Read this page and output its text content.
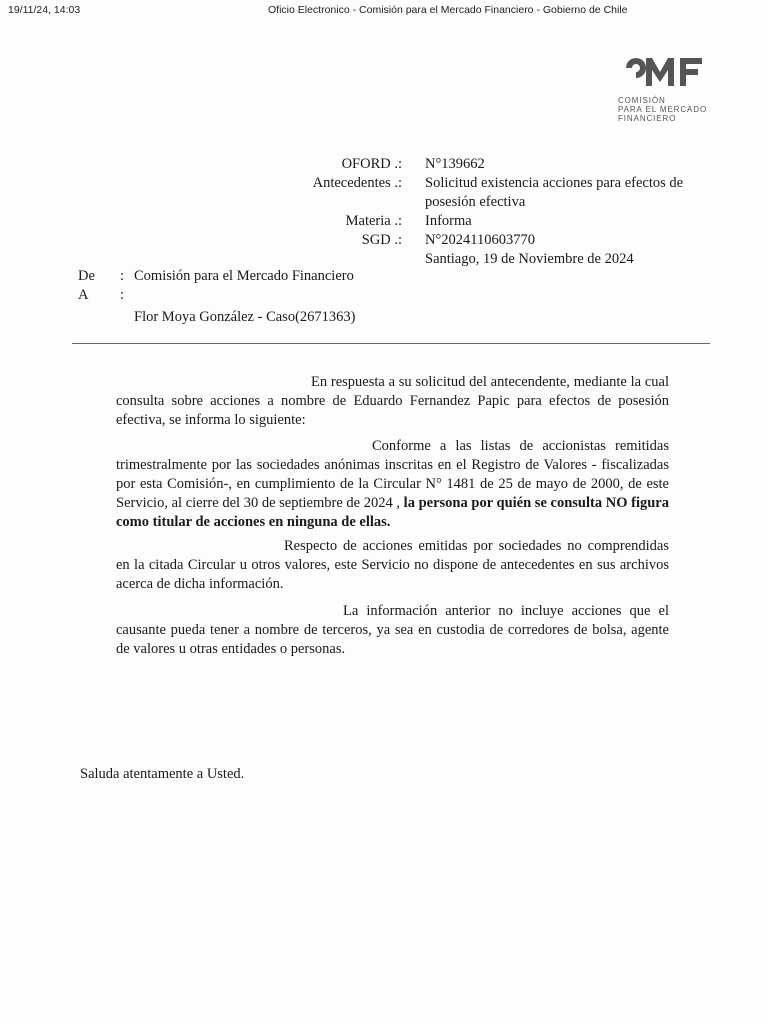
19/11/24, 14:03	Oficio Electronico - Comisión para el Mercado Financiero - Gobierno de Chile
COMISIÓN
PARA EL MERCADO
FINANCIERO
OFORD .:
Antecedentes .:

Materia .:
SGD .:
N°139662
Solicitud existencia acciones para efectos de posesión efectiva
Informa
N°2024110603770
Santiago, 19 de Noviembre de 2024
De : Comisión para el Mercado Financiero
A :
Flor Moya González - Caso(2671363)

En respuesta a su solicitud del antecendente, mediante la cual consulta sobre acciones a nombre de Eduardo Fernandez Papic para efectos de posesión efectiva, se informa lo siguiente:

Conforme a las listas de accionistas remitidas trimestralmente por las sociedades anónimas inscritas en el Registro de Valores - fiscalizadas por esta Comisión-, en cumplimiento de la Circular N° 1481 de 25 de mayo de 2000, de este Servicio, al cierre del 30 de septiembre de 2024 , la persona por quién se consulta NO figura como titular de acciones en ninguna de ellas.

Respecto de acciones emitidas por sociedades no comprendidas en la citada Circular u otros valores, este Servicio no dispone de antecedentes en sus archivos acerca de dicha información.

La información anterior no incluye acciones que el causante pueda tener a nombre de terceros, ya sea en custodia de corredores de bolsa, agente de valores u otras entidades o personas.

Saluda atentamente a Usted.
